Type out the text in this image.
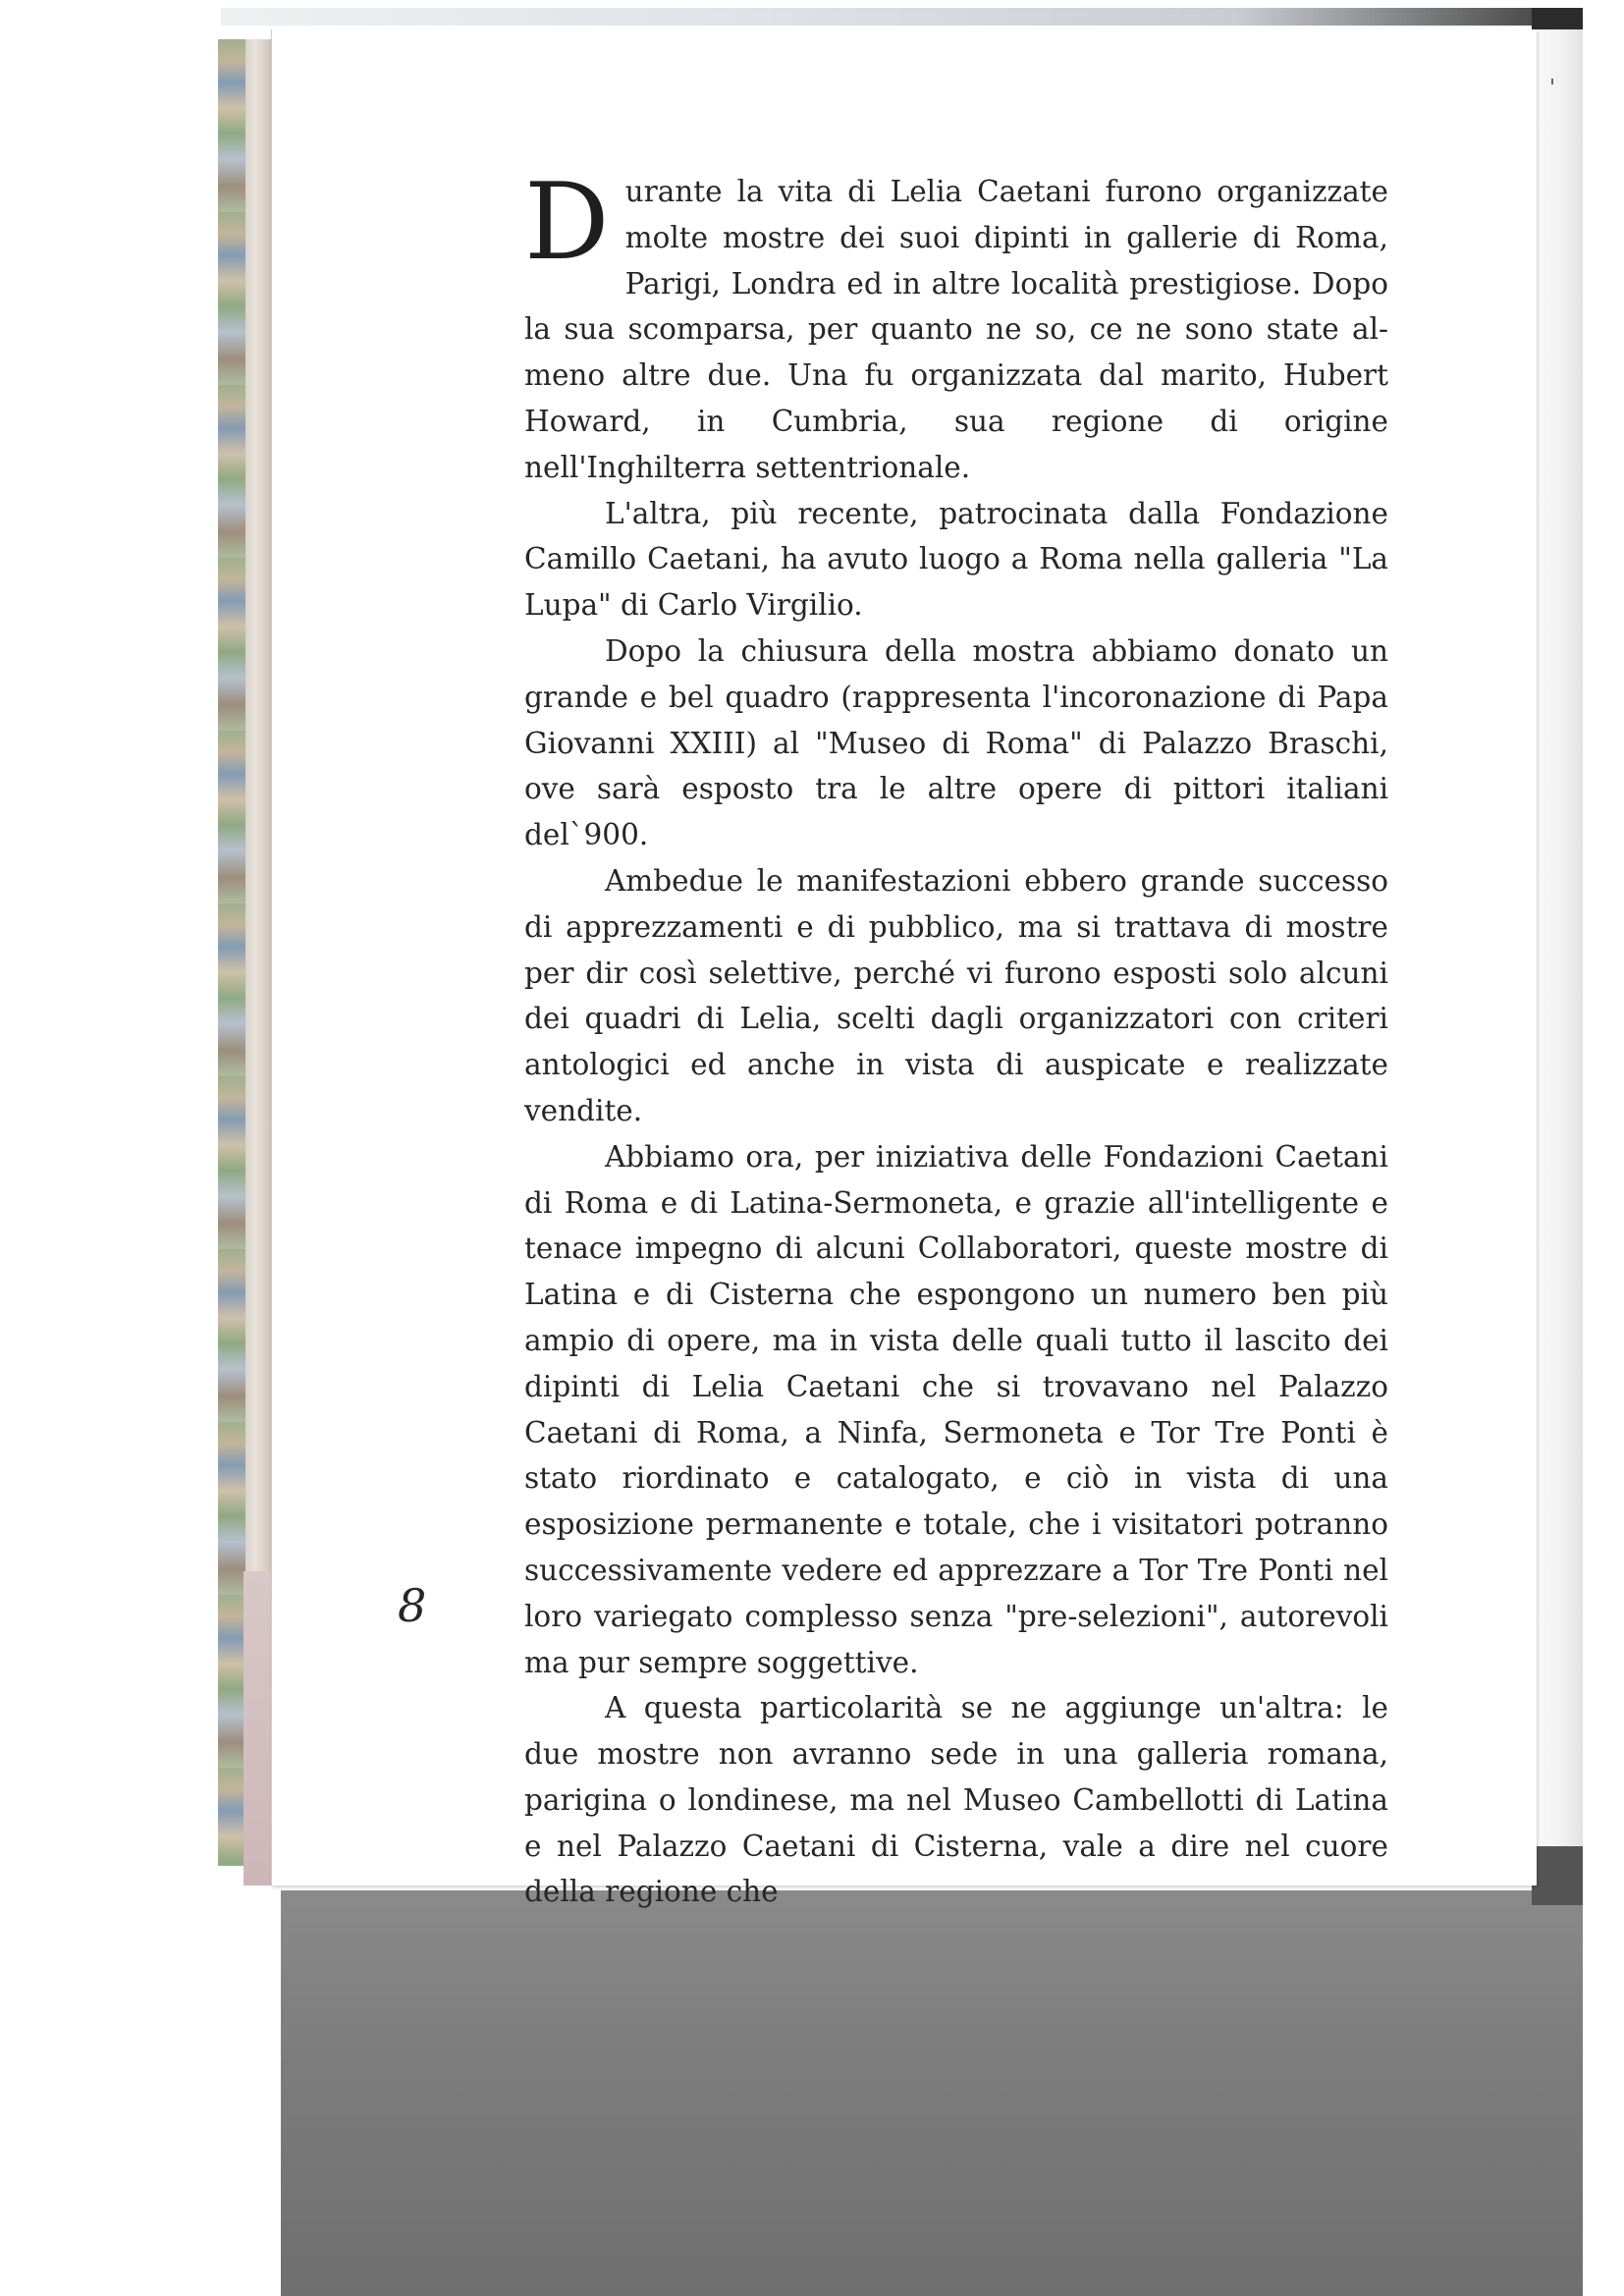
Durante la vita di Lelia Caetani furono organizzate molte mostre dei suoi dipinti in gallerie di Roma, Parigi, Londra ed in altre località prestigiose. Dopo la sua scomparsa, per quanto ne so, ce ne sono state almeno altre due. Una fu organizzata dal marito, Hubert Howard, in Cumbria, sua regione di origine nell'Inghilterra settentrionale.

L'altra, più recente, patrocinata dalla Fondazione Camillo Caetani, ha avuto luogo a Roma nella galleria "La Lupa" di Carlo Virgilio.

Dopo la chiusura della mostra abbiamo donato un grande e bel quadro (rappresenta l'incoronazione di Papa Giovanni XXIII) al "Museo di Roma" di Palazzo Braschi, ove sarà esposto tra le altre opere di pittori italiani del`900.

Ambedue le manifestazioni ebbero grande successo di apprezzamenti e di pubblico, ma si trattava di mostre per dir così selettive, perché vi furono esposti solo alcuni dei quadri di Lelia, scelti dagli organizzatori con criteri antologici ed anche in vista di auspicate e realizzate vendite.

Abbiamo ora, per iniziativa delle Fondazioni Caetani di Roma e di Latina-Sermoneta, e grazie all'intelligente e tenace impegno di alcuni Collaboratori, queste mostre di Latina e di Cisterna che espongono un numero ben più ampio di opere, ma in vista delle quali tutto il lascito dei dipinti di Lelia Caetani che si trovavano nel Palazzo Caetani di Roma, a Ninfa, Sermoneta e Tor Tre Ponti è stato riordinato e catalogato, e ciò in vista di una esposizione permanente e totale, che i visitatori potranno successivamente vedere ed apprezzare a Tor Tre Ponti nel loro variegato complesso senza "pre-selezioni", autorevoli ma pur sempre soggettive.

A questa particolarità se ne aggiunge un'altra: le due mostre non avranno sede in una galleria romana, parigina o londinese, ma nel Museo Cambellotti di Latina e nel Palazzo Caetani di Cisterna, vale a dire nel cuore della regione che

8
